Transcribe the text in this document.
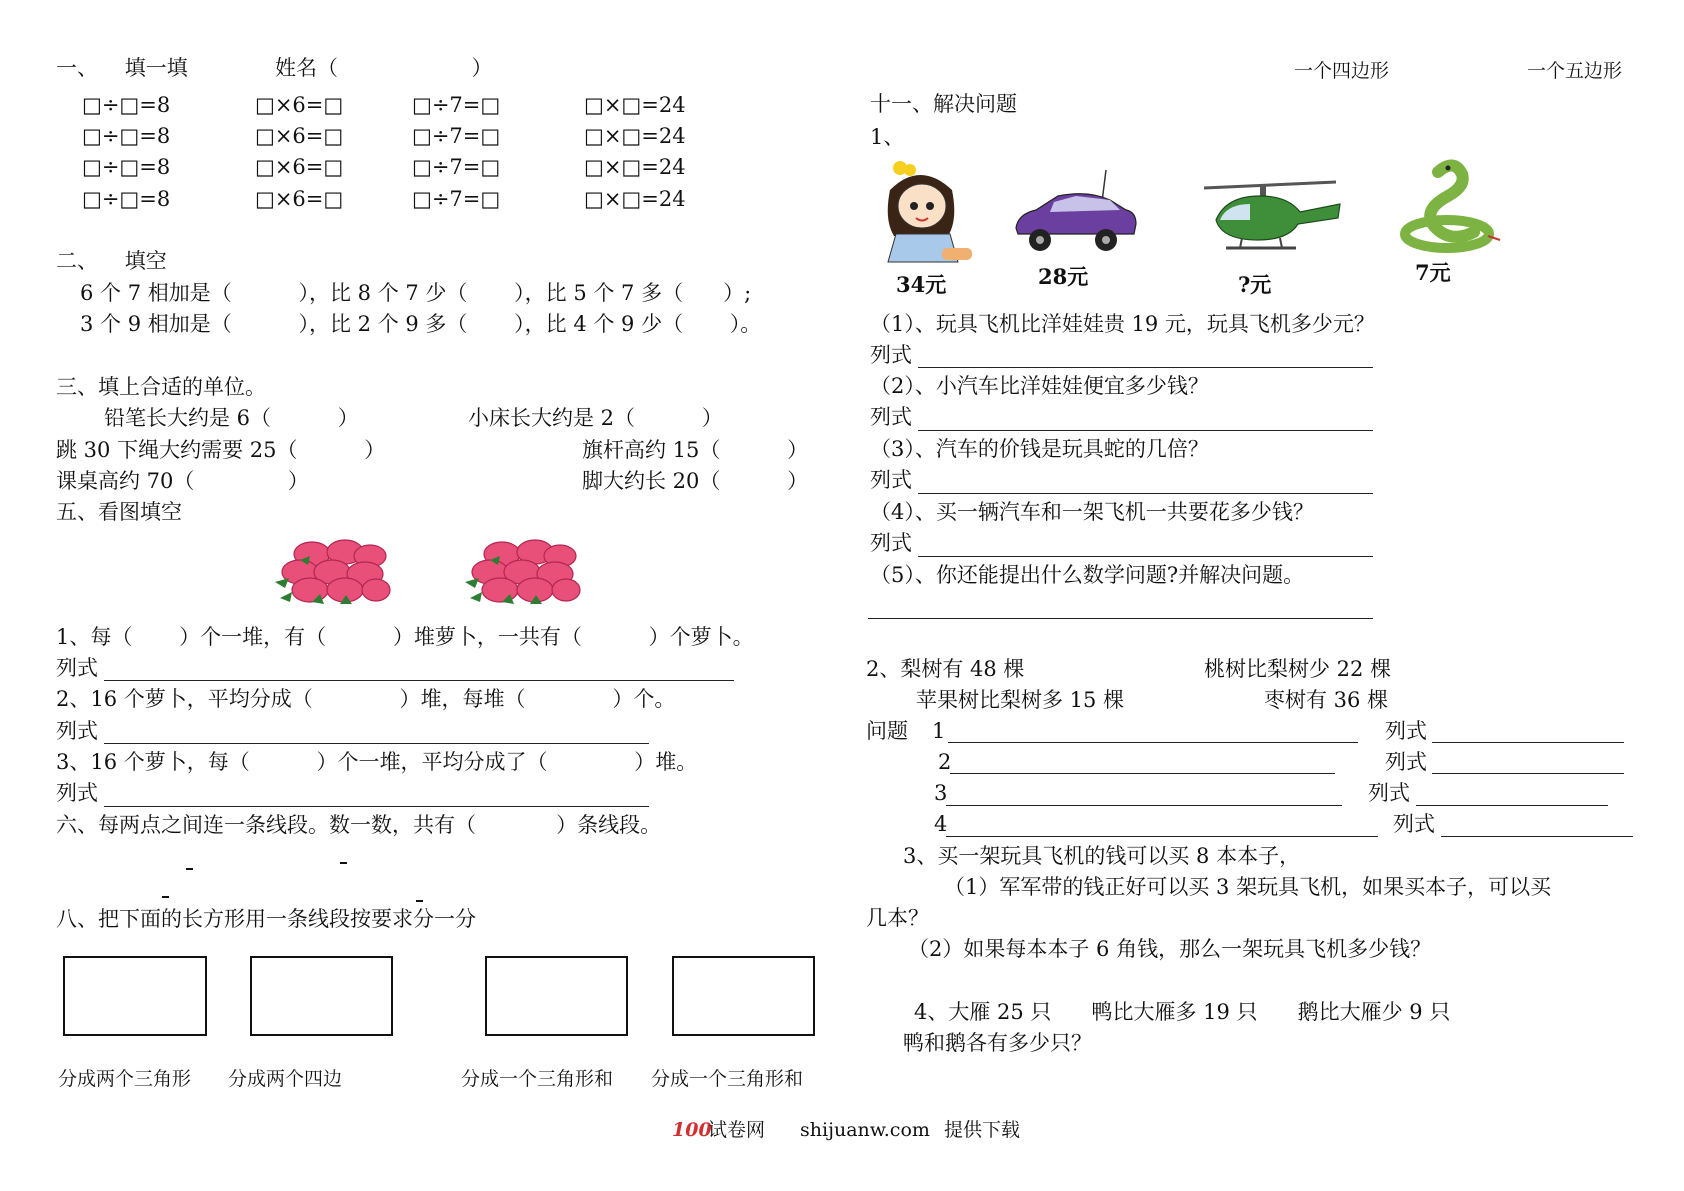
一、    填一填	姓名（                    ）
□÷□=8	□×6=□	□÷7=□	□×□=24
□÷□=8	□×6=□	□÷7=□	□×□=24
□÷□=8	□×6=□	□÷7=□	□×□=24
□÷□=8	□×6=□	□÷7=□	□×□=24
二、    填空
6 个 7 相加是（          ），比 8 个 7 少（       ），比 5 个 7 多（      ）;
3 个 9 相加是（          ），比 2 个 9 多（       ），比 4 个 9 少（       ）。
三、填上合适的单位。
铅笔长大约是 6（          ）	小床长大约是 2（          ）
跳 30 下绳大约需要 25（          ）	旗杆高约 15（          ）
课桌高约 70（              ）	脚大约长 20（          ）
五、看图填空
1、每（       ）个一堆，有（          ）堆萝卜，一共有（          ）个萝卜。
列式
2、16 个萝卜，平均分成（             ）堆，每堆（             ）个。
列式
3、16 个萝卜，每（          ）个一堆，平均分成了（             ）堆。
列式
六、每两点之间连一条线段。数一数，共有（            ）条线段。
八、把下面的长方形用一条线段按要求分一分
分成两个三角形 分成两个四边	分成一个三角形和 分成一个三角形和
一个四边形	一个五边形
十一、解决问题
1、
34元	28元	?元	7元
（1）、玩具飞机比洋娃娃贵 19 元，玩具飞机多少元？
列式
（2）、小汽车比洋娃娃便宜多少钱？
列式
（3）、汽车的价钱是玩具蛇的几倍？
列式
（4）、买一辆汽车和一架飞机一共要花多少钱？
列式
（5）、你还能提出什么数学问题?并解决问题。
2、梨树有 48 棵	桃树比梨树少 22 棵
苹果树比梨树多 15 棵	枣树有 36 棵
问题 1	列式
2	列式
3	列式
4	列式
3、买一架玩具飞机的钱可以买 8 本本子，
（1）军军带的钱正好可以买 3 架玩具飞机，如果买本子，可以买
几本？
（2）如果每本本子 6 角钱，那么一架玩具飞机多少钱？
4、大雁 25 只      鸭比大雁多 19 只      鹅比大雁少 9 只
鸭和鹅各有多少只？
100
试卷网 shijuanw.com 提供下载
